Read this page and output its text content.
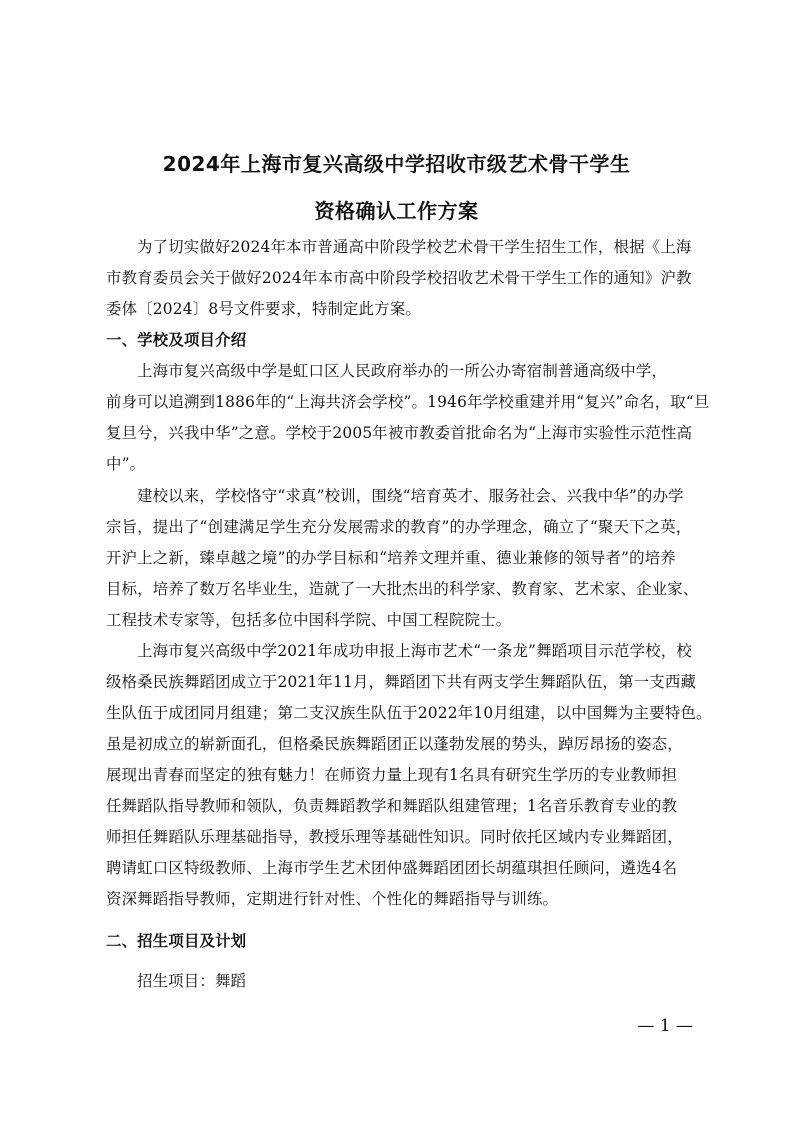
2024年上海市复兴高级中学招收市级艺术骨干学生
资格确认工作方案
为了切实做好2024年本市普通高中阶段学校艺术骨干学生招生工作，根据《上海
市教育委员会关于做好2024年本市高中阶段学校招收艺术骨干学生工作的通知》沪教
委体〔2024〕8号文件要求，特制定此方案。
一、学校及项目介绍
上海市复兴高级中学是虹口区人民政府举办的一所公办寄宿制普通高级中学，
前身可以追溯到1886年的“上海共济会学校”。1946年学校重建并用“复兴”命名，取“旦
复旦兮，兴我中华”之意。学校于2005年被市教委首批命名为“上海市实验性示范性高
中”。
建校以来，学校恪守“求真”校训，围绕“培育英才、服务社会、兴我中华”的办学
宗旨，提出了“创建满足学生充分发展需求的教育”的办学理念，确立了“聚天下之英，
开沪上之新，臻卓越之境”的办学目标和“培养文理并重、德业兼修的领导者”的培养
目标，培养了数万名毕业生，造就了一大批杰出的科学家、教育家、艺术家、企业家、
工程技术专家等，包括多位中国科学院、中国工程院院士。
上海市复兴高级中学2021年成功申报上海市艺术“一条龙”舞蹈项目示范学校，校
级格桑民族舞蹈团成立于2021年11月，舞蹈团下共有两支学生舞蹈队伍，第一支西藏
生队伍于成团同月组建；第二支汉族生队伍于2022年10月组建，以中国舞为主要特色。
虽是初成立的崭新面孔，但格桑民族舞蹈团正以蓬勃发展的势头，踔厉昂扬的姿态，
展现出青春而坚定的独有魅力！在师资力量上现有1名具有研究生学历的专业教师担
任舞蹈队指导教师和领队，负责舞蹈教学和舞蹈队组建管理；1名音乐教育专业的教
师担任舞蹈队乐理基础指导，教授乐理等基础性知识。同时依托区域内专业舞蹈团，
聘请虹口区特级教师、上海市学生艺术团仲盛舞蹈团团长胡蕴琪担任顾问，遴选4名
资深舞蹈指导教师，定期进行针对性、个性化的舞蹈指导与训练。
二、招生项目及计划
招生项目：舞蹈
— 1 —
